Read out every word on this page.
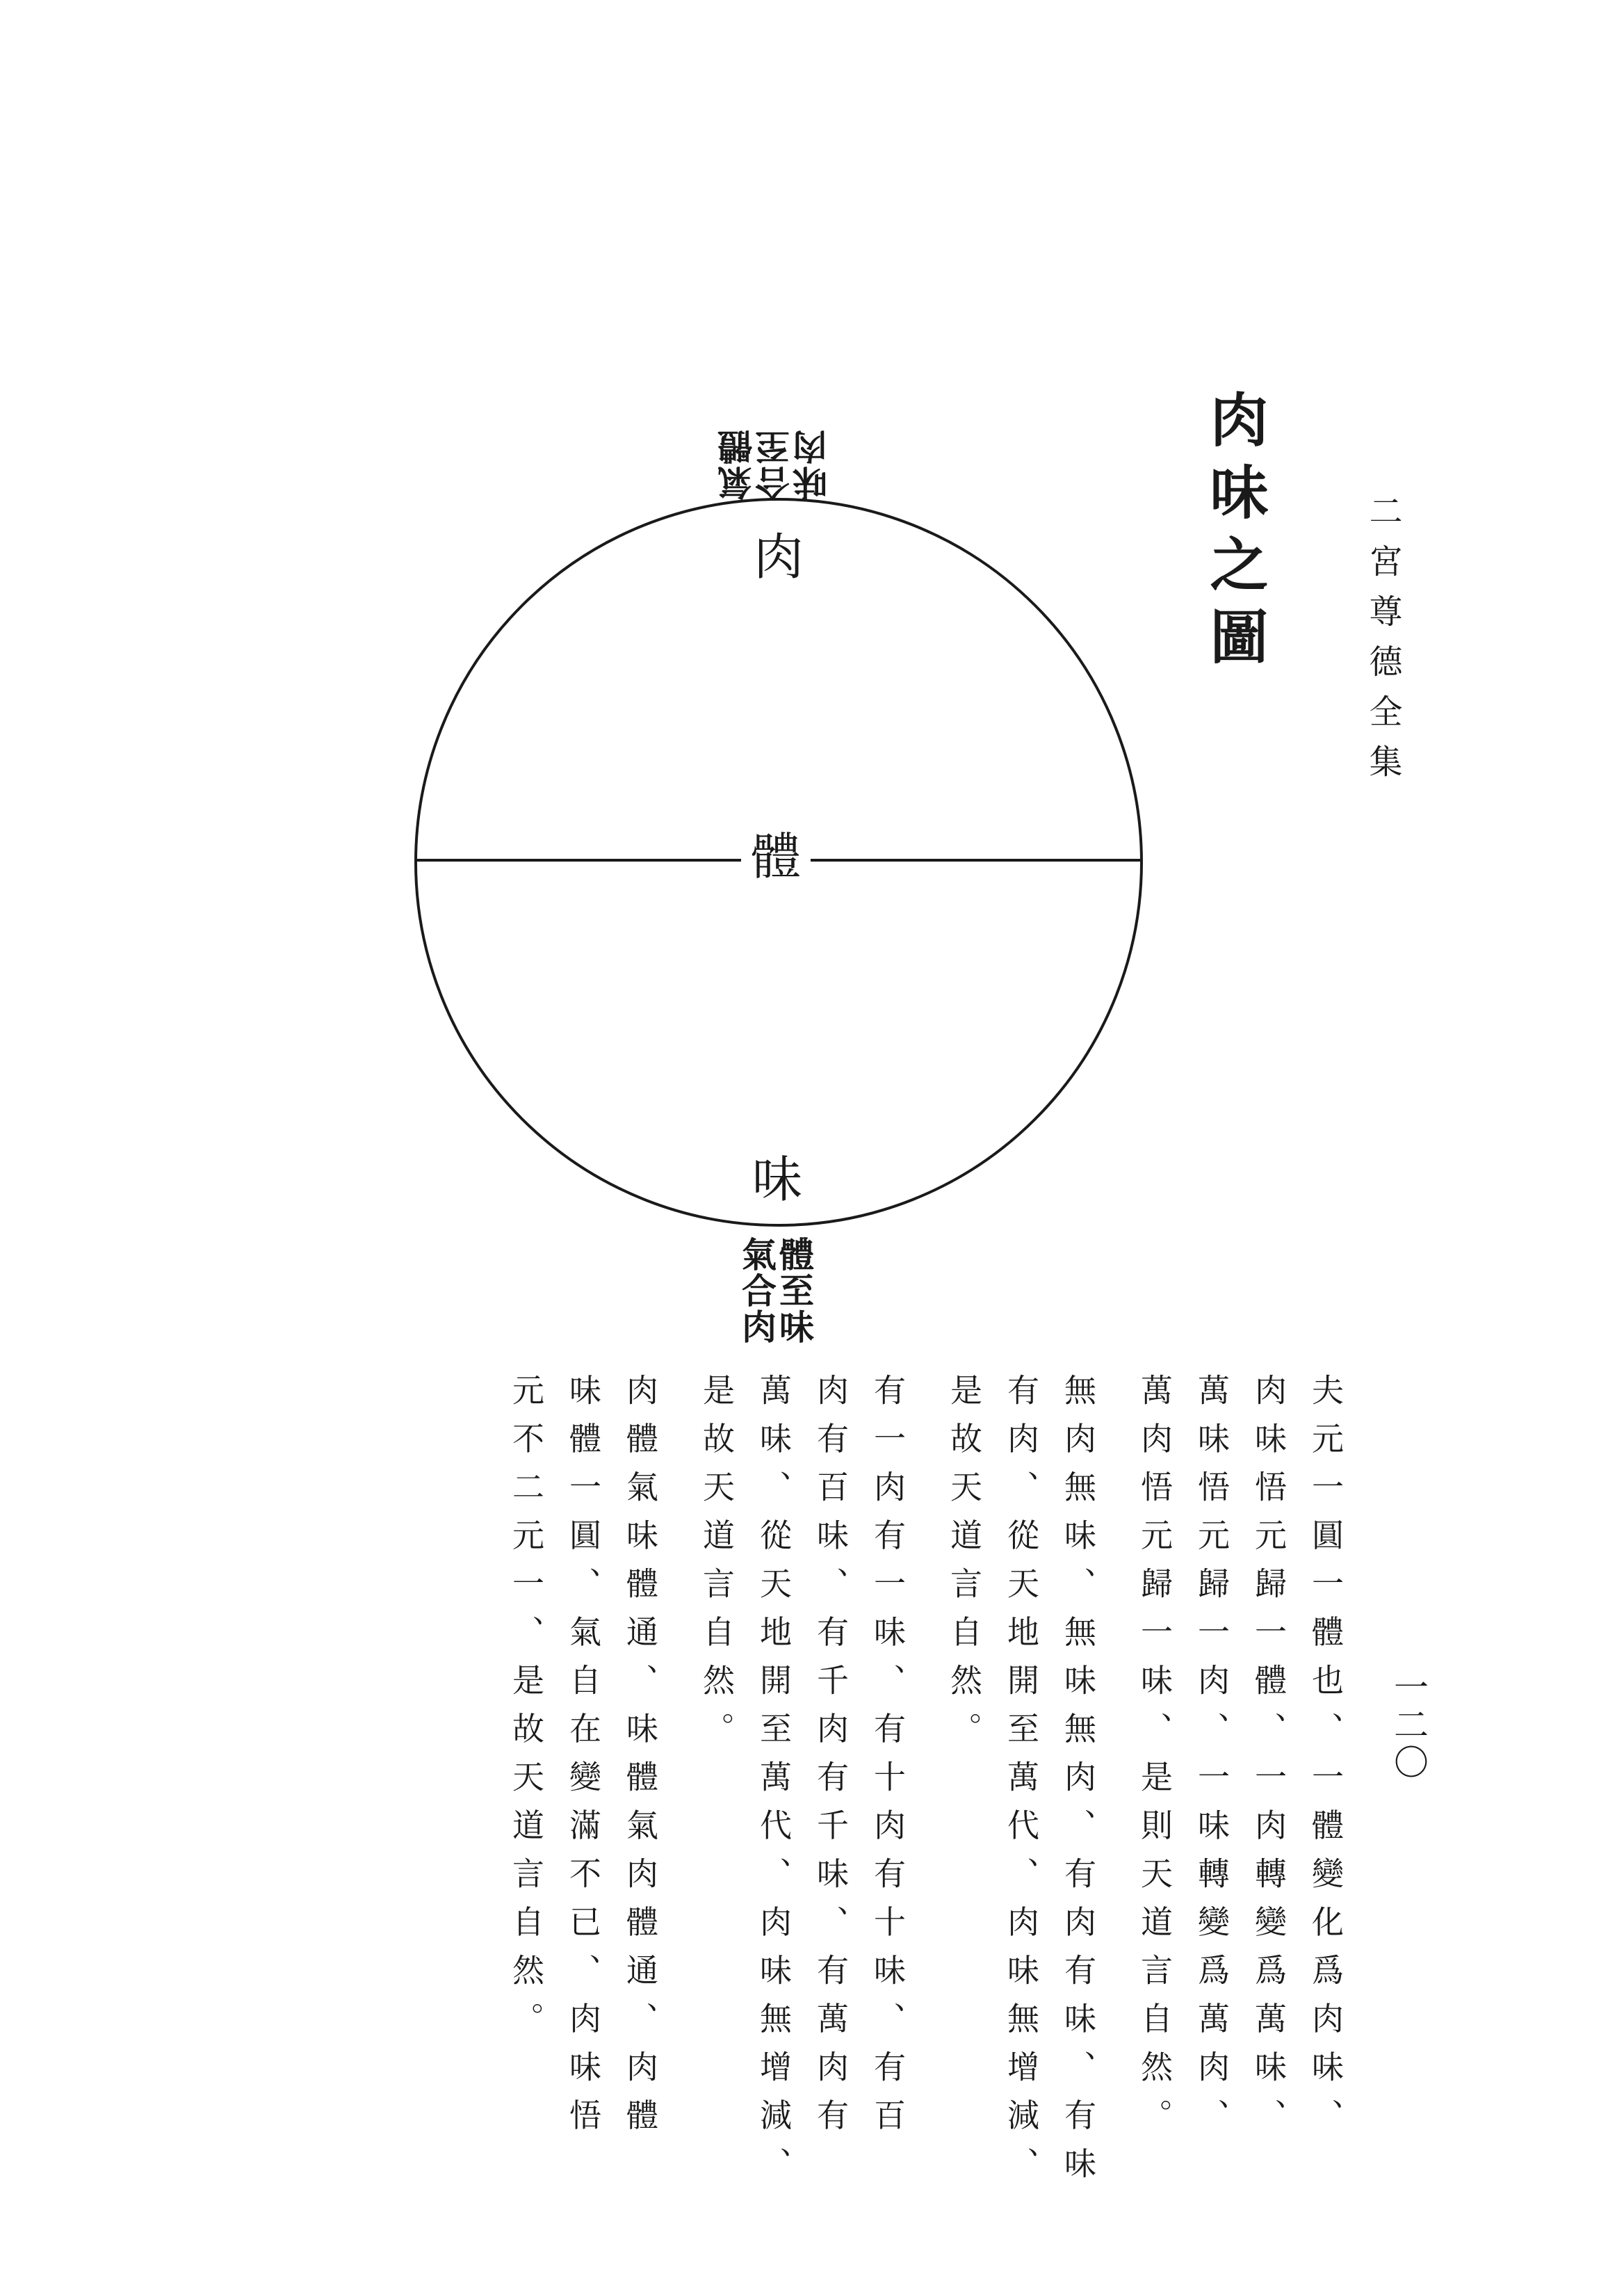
二宮尊德全集
一二〇
肉味之圖
氣體
合至
味肉
肉
體
味
體至味
氣合肉
夫元一圓一體也、一體變化爲肉味、
肉味悟元歸一體、一肉轉變爲萬味、
萬味悟元歸一肉、一味轉變爲萬肉、
萬肉悟元歸一味、是則天道言自然。
無肉無味、無味無肉、有肉有味、有味
有肉、從天地開至萬代、肉味無增減、
是故天道言自然。
有一肉有一味、有十肉有十味、有百
肉有百味、有千肉有千味、有萬肉有
萬味、從天地開至萬代、肉味無增減、
是故天道言自然。
肉體氣味體通、味體氣肉體通、肉體
味體一圓、氣自在變滿不已、肉味悟
元不二元一、是故天道言自然。
